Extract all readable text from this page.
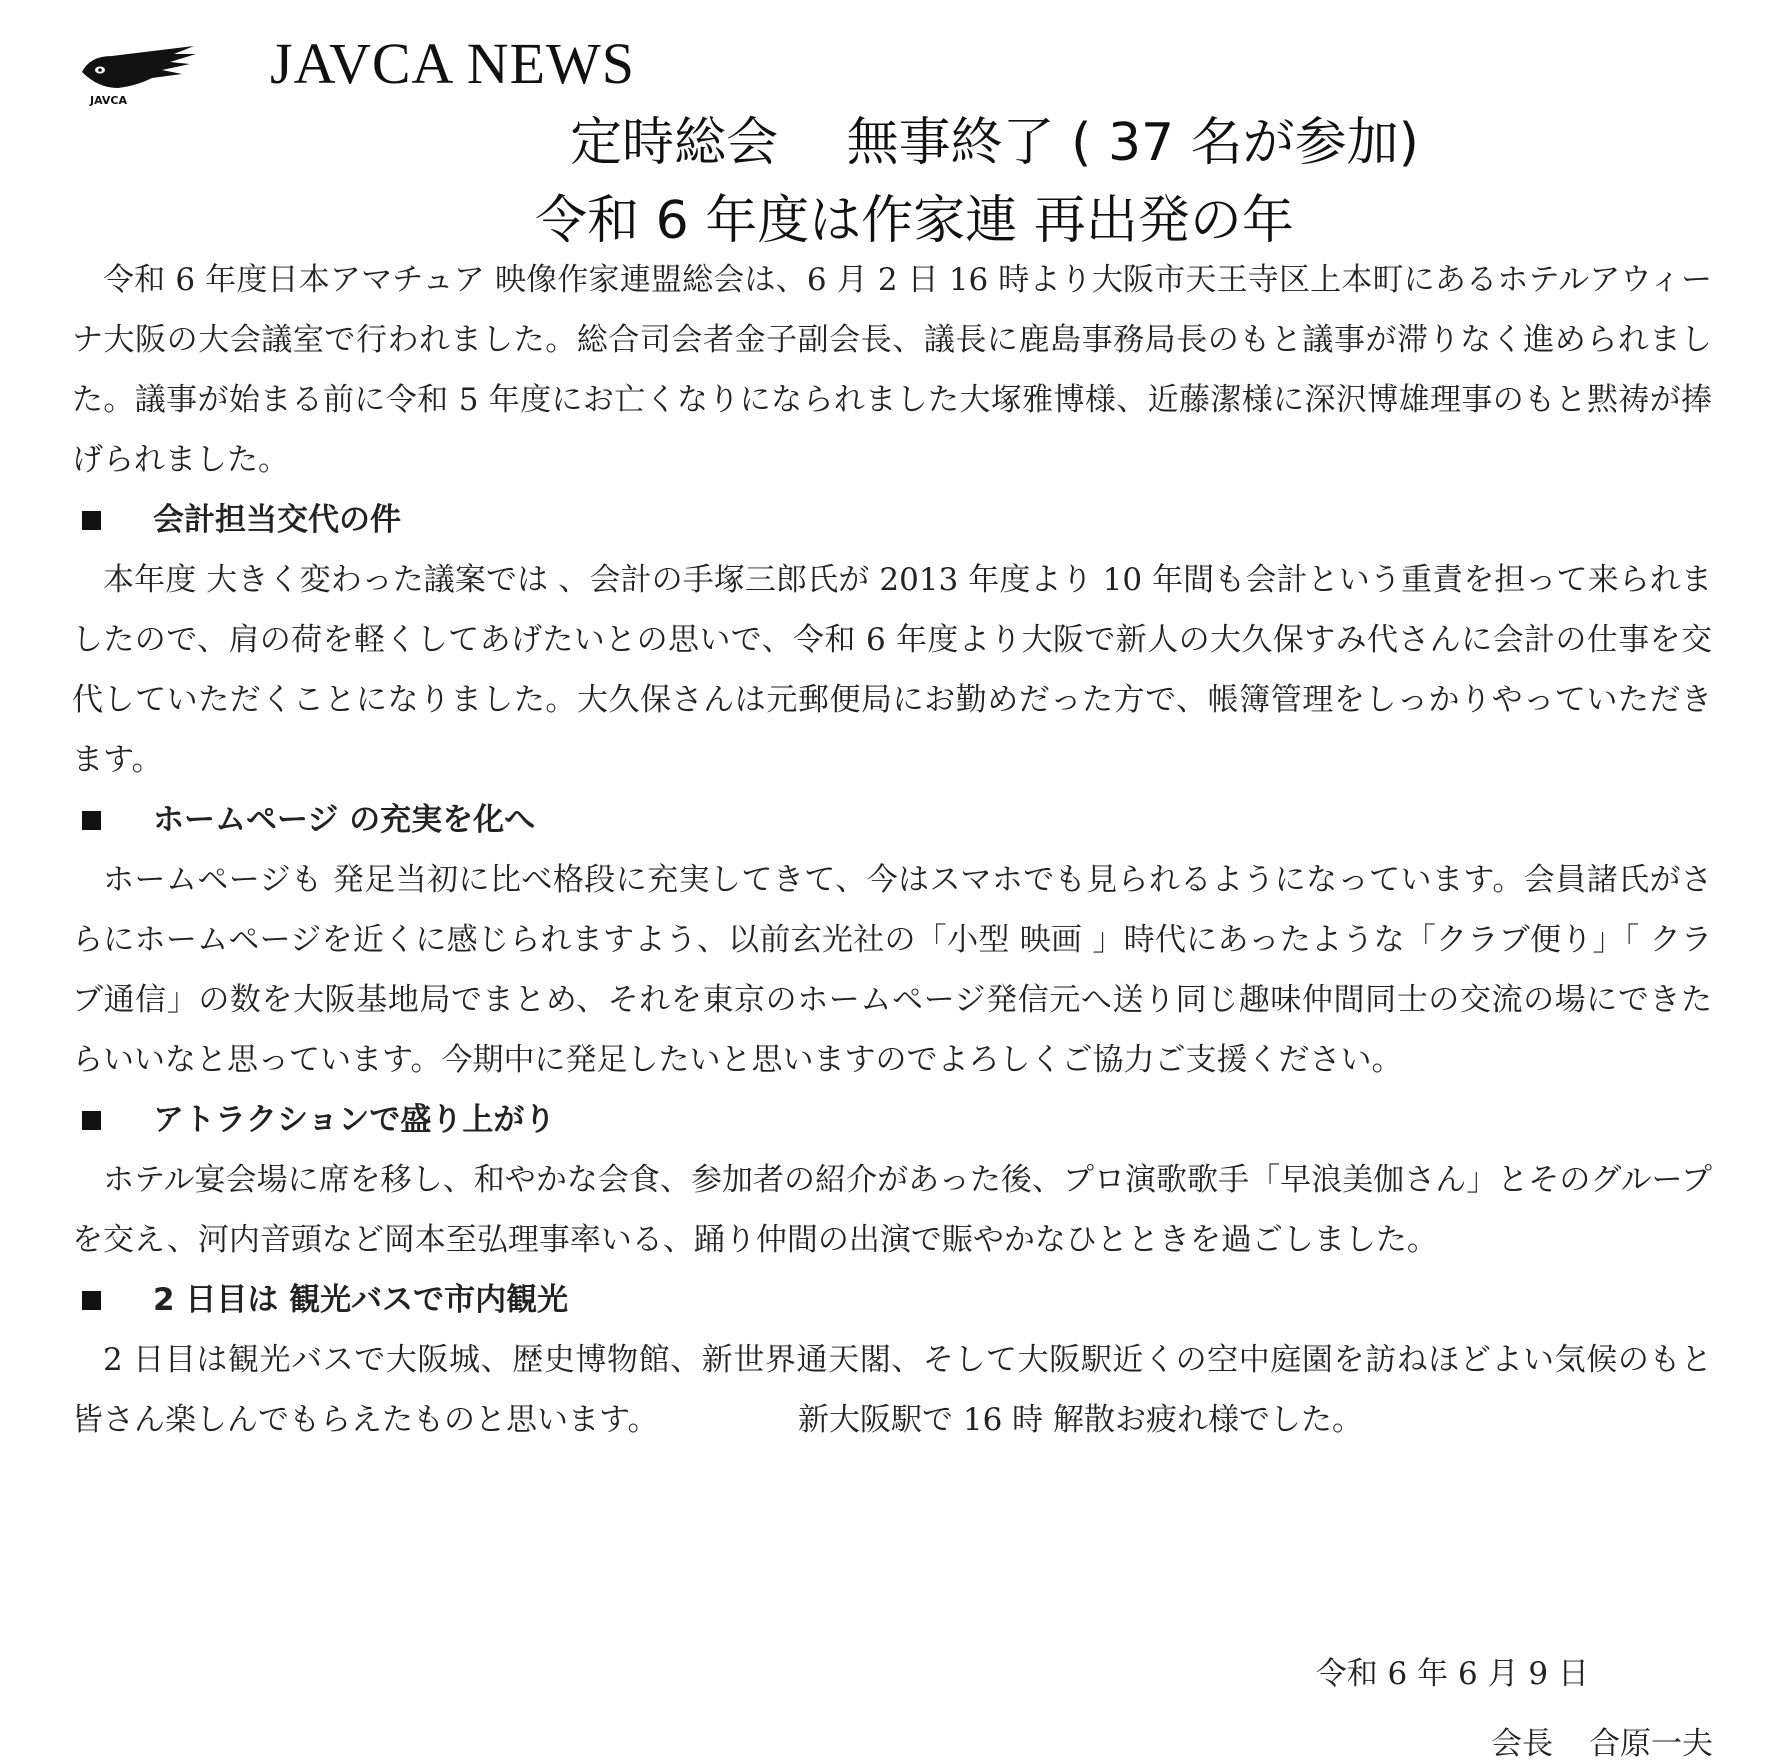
JAVCA
JAVCA NEWS
定時総会　 無事終了 ( 37 名が参加)
令和 6 年度は作家連 再出発の年

令和 6 年度日本アマチュア 映像作家連盟総会は、6 月 2 日 16 時より大阪市天王寺区上本町にあるホテルアウィーナ大阪の大会議室で行われました。総合司会者金子副会長、議長に鹿島事務局長のもと議事が滞りなく進められました。議事が始まる前に令和 5 年度にお亡くなりになられました大塚雅博様、近藤潔様に深沢博雄理事のもと黙祷が捧げられました。

会計担当交代の件

本年度 大きく変わった議案では 、会計の手塚三郎氏が 2013 年度より 10 年間も会計という重責を担って来られましたので、肩の荷を軽くしてあげたいとの思いで、令和 6 年度より大阪で新人の大久保すみ代さんに会計の仕事を交代していただくことになりました。大久保さんは元郵便局にお勤めだった方で、帳簿管理をしっかりやっていただきます。

ホームページ の充実を化へ

ホームページも 発足当初に比べ格段に充実してきて、今はスマホでも見られるようになっています。会員諸氏がさらにホームページを近くに感じられますよう、以前玄光社の「小型 映画 」時代にあったような「クラブ便り」「 クラブ通信」の数を大阪基地局でまとめ、それを東京のホームページ発信元へ送り同じ趣味仲間同士の交流の場にできたらいいなと思っています。今期中に発足したいと思いますのでよろしくご協力ご支援ください。

アトラクションで盛り上がり

ホテル宴会場に席を移し、和やかな会食、参加者の紹介があった後、プロ演歌歌手「早浪美伽さん」とそのグループを交え、河内音頭など岡本至弘理事率いる、踊り仲間の出演で賑やかなひとときを過ごしました。

2 日目は 観光バスで市内観光

2 日目は観光バスで大阪城、歴史博物館、新世界通天閣、そして大阪駅近くの空中庭園を訪ねほどよい気候のもと 皆さん楽しんでもらえたものと思います。　　　　　新大阪駅で 16 時 解散お疲れ様でした。

令和 6 年 6 月 9 日
会長 合原一夫
